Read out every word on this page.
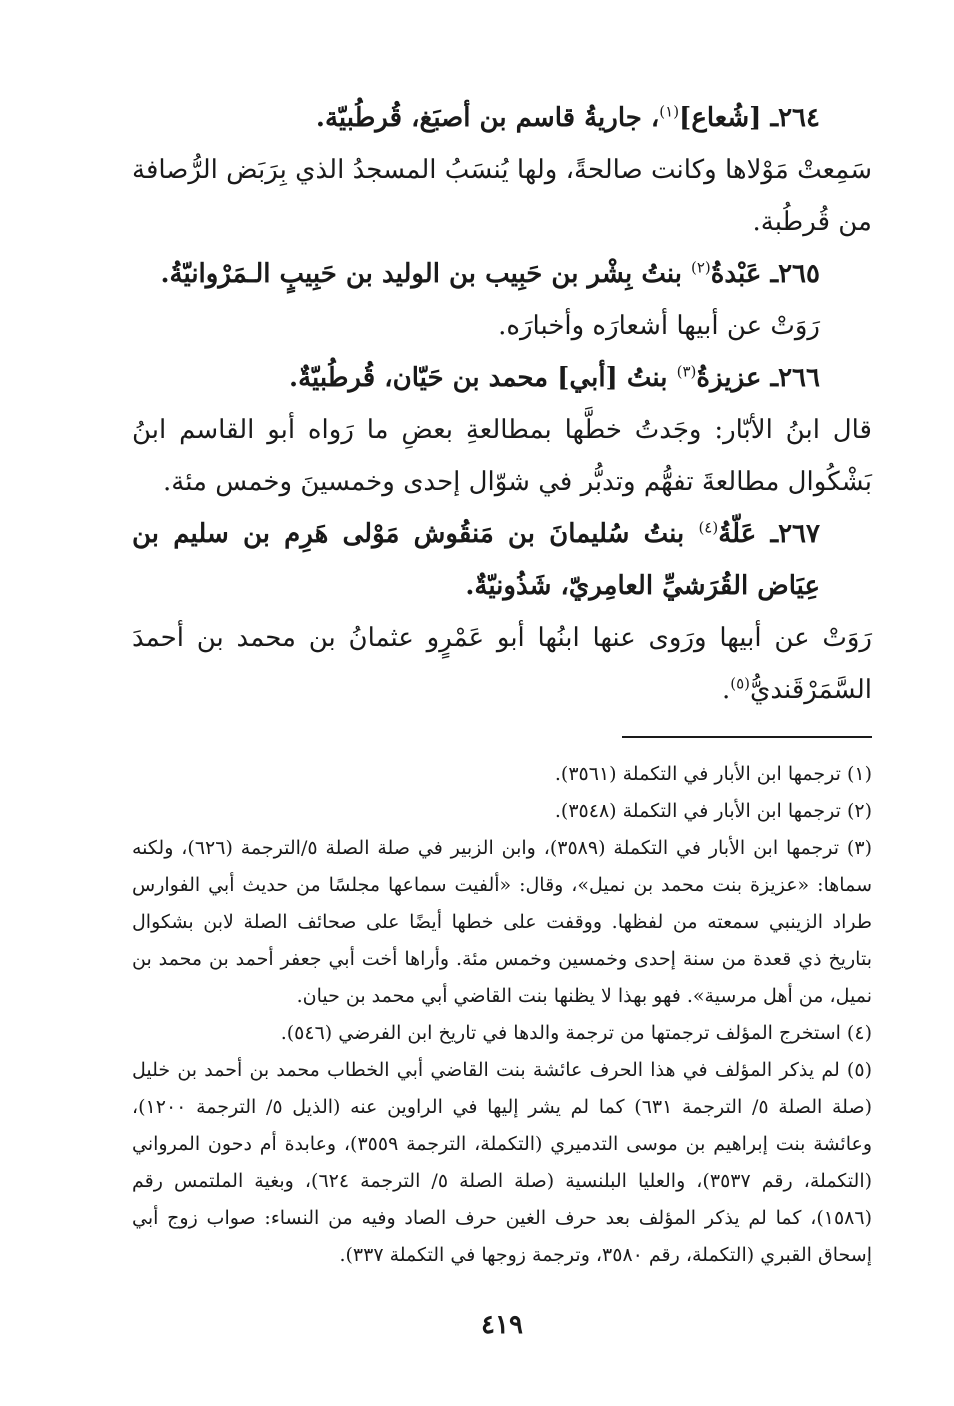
٢٦٤ـ [شُعاع]$^{(١)}$، جاريةُ قاسم بن أصبَغ، قُرطُبيّة.

سَمِعتْ مَوْلاها وكانت صالحةً، ولها يُنسَبُ المسجدُ الذي بِرَبَض الرُّصافة من قُرطُبة.

٢٦٥ـ عَبْدةُ$^{(٢)}$ بنتُ بِشْر بن حَبِيب بن الوليد بن حَبِيبٍ الـمَرْوانيّةُ.

رَوَتْ عن أبيها أشعارَه وأخبارَه.

٢٦٦ـ عزيزةُ$^{(٣)}$ بنتُ [أبي] محمد بن حَيّان، قُرطُبيّةٌ.

قال ابنُ الأبّار: وجَدتُ خطَّها بمطالعةِ بعضِ ما رَواه أبو القاسم ابنُ بَشْكُوال مطالعةَ تفهُّم وتدبُّر في شوّال إحدى وخمسينَ وخمس مئة.

٢٦٧ـ عَلّةُ$^{(٤)}$ بنتُ سُليمانَ بن مَنقُوش مَوْلى هَرِم بن سليم بن عِيَاض القُرَشيِّ العامِريّ، شَذُونيّةٌ.

رَوَتْ عن أبيها ورَوى عنها ابنُها أبو عَمْرٍو عثمانُ بن محمد بن أحمدَ السَّمَرْقَنديُّ$^{(٥)}$.

(١) ترجمها ابن الأبار في التكملة (٣٥٦١).

(٢) ترجمها ابن الأبار في التكملة (٣٥٤٨).

(٣) ترجمها ابن الأبار في التكملة (٣٥٨٩)، وابن الزبير في صلة الصلة ٥/الترجمة (٦٢٦)، ولكنه سماها: «عزيزة بنت محمد بن نميل»، وقال: «ألفيت سماعها مجلسًا من حديث أبي الفوارس طراد الزينبي سمعته من لفظها. ووقفت على خطها أيضًا على صحائف الصلة لابن بشكوال بتاريخ ذي قعدة من سنة إحدى وخمسين وخمس مئة. وأراها أخت أبي جعفر أحمد بن محمد بن نميل، من أهل مرسية». فهو بهذا لا يظنها بنت القاضي أبي محمد بن حيان.

(٤) استخرج المؤلف ترجمتها من ترجمة والدها في تاريخ ابن الفرضي (٥٤٦).

(٥) لم يذكر المؤلف في هذا الحرف عائشة بنت القاضي أبي الخطاب محمد بن أحمد بن خليل (صلة الصلة ٥/ الترجمة ٦٣١) كما لم يشر إليها في الراوين عنه (الذيل ٥/ الترجمة ١٢٠٠)، وعائشة بنت إبراهيم بن موسى التدميري (التكملة، الترجمة ٣٥٥٩)، وعابدة أم دحون المرواني (التكملة، رقم ٣٥٣٧)، والعليا البلنسية (صلة الصلة ٥/ الترجمة ٦٢٤)، وبغية الملتمس رقم (١٥٨٦)، كما لم يذكر المؤلف بعد حرف الغين حرف الصاد وفيه من النساء: صواب زوج أبي إسحاق القبري (التكملة، رقم ٣٥٨٠، وترجمة زوجها في التكملة ٣٣٧).

٤١٩
